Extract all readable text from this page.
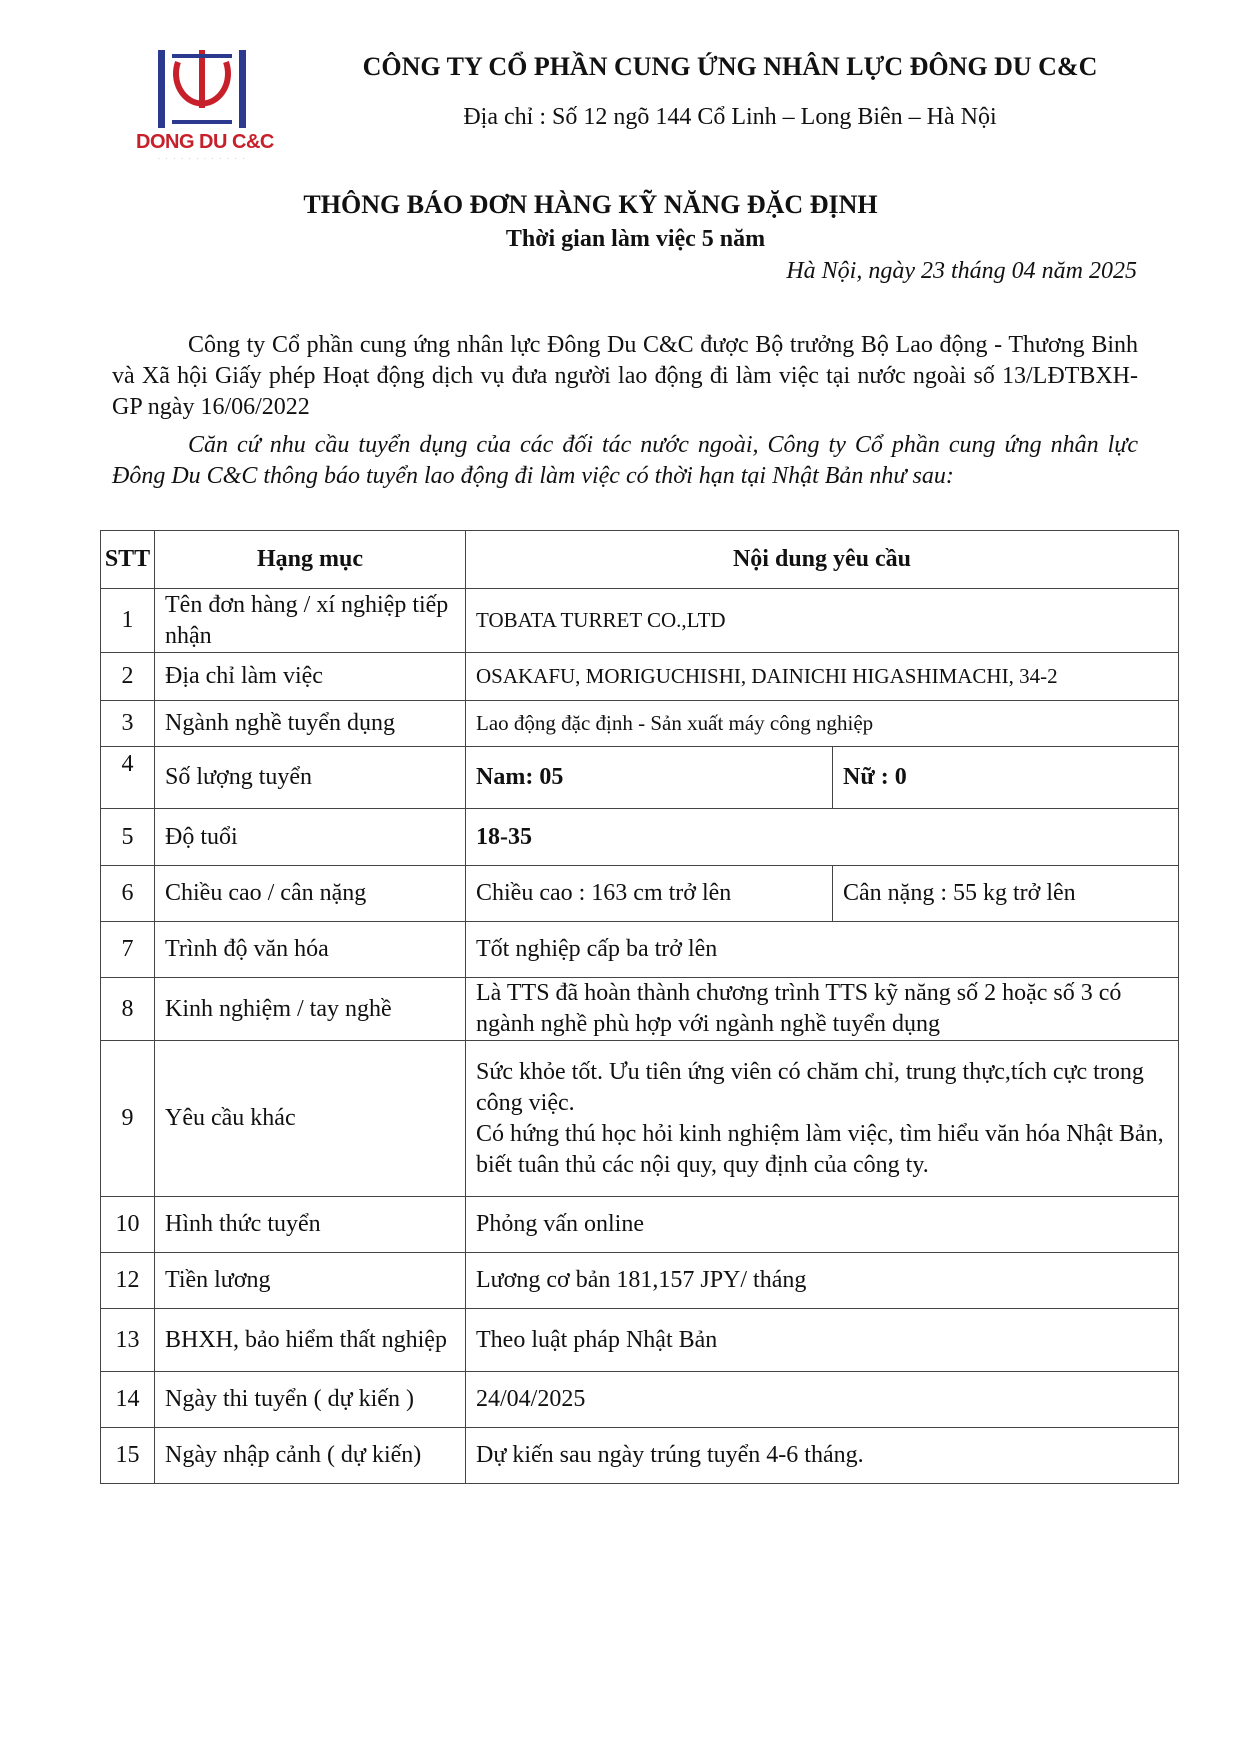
DONG DU C&C
· · · · · · · · · · · ·
CÔNG TY CỔ PHẦN CUNG ỨNG NHÂN LỰC ĐÔNG DU C&C
Địa chỉ : Số 12 ngõ 144 Cổ Linh – Long Biên – Hà Nội
THÔNG BÁO ĐƠN HÀNG KỸ NĂNG ĐẶC ĐỊNH
Thời gian làm việc 5 năm
Hà Nội, ngày 23 tháng 04 năm 2025
Công ty Cổ phần cung ứng nhân lực Đông Du C&C được Bộ trưởng Bộ Lao động - Thương Binh và Xã hội Giấy phép Hoạt động dịch vụ đưa người lao động đi làm việc tại nước ngoài số 13/LĐTBXH-GP ngày 16/06/2022
Căn cứ nhu cầu tuyển dụng của các đối tác nước ngoài, Công ty Cổ phần cung ứng nhân lực Đông Du C&C thông báo tuyển lao động đi làm việc có thời hạn tại Nhật Bản như sau:
STT	Hạng mục	Nội dung yêu cầu	
1	Tên đơn hàng / xí nghiệp tiếp nhận	TOBATA TURRET CO.,LTD	
2	Địa chỉ làm việc	OSAKAFU, MORIGUCHISHI, DAINICHI HIGASHIMACHI, 34-2	
3	Ngành nghề tuyển dụng	Lao động đặc định - Sản xuất máy công nghiệp	
4	Số lượng tuyển	Nam: 05	Nữ : 0
5	Độ tuổi	18-35	
6	Chiều cao / cân nặng	Chiều cao : 163 cm trở lên	Cân nặng : 55 kg trở lên
7	Trình độ văn hóa	Tốt nghiệp cấp ba trở lên	
8	Kinh nghiệm / tay nghề	Là TTS đã hoàn thành chương trình TTS kỹ năng số 2 hoặc số 3 có ngành nghề phù hợp với ngành nghề tuyển dụng	
9	Yêu cầu khác	Sức khỏe tốt. Ưu tiên ứng viên có chăm chỉ, trung thực,tích cực trong công việc.
Có hứng thú học hỏi kinh nghiệm làm việc, tìm hiểu văn hóa Nhật Bản, biết tuân thủ các nội quy, quy định của công ty.	

10	Hình thức tuyển	Phỏng vấn online	
12	Tiền lương	Lương cơ bản 181,157 JPY/ tháng	
13	BHXH, bảo hiểm thất nghiệp	Theo luật pháp Nhật Bản	
14	Ngày thi tuyển ( dự kiến )	24/04/2025	
15	Ngày nhập cảnh ( dự kiến)	Dự kiến sau ngày trúng tuyển 4-6 tháng.	
